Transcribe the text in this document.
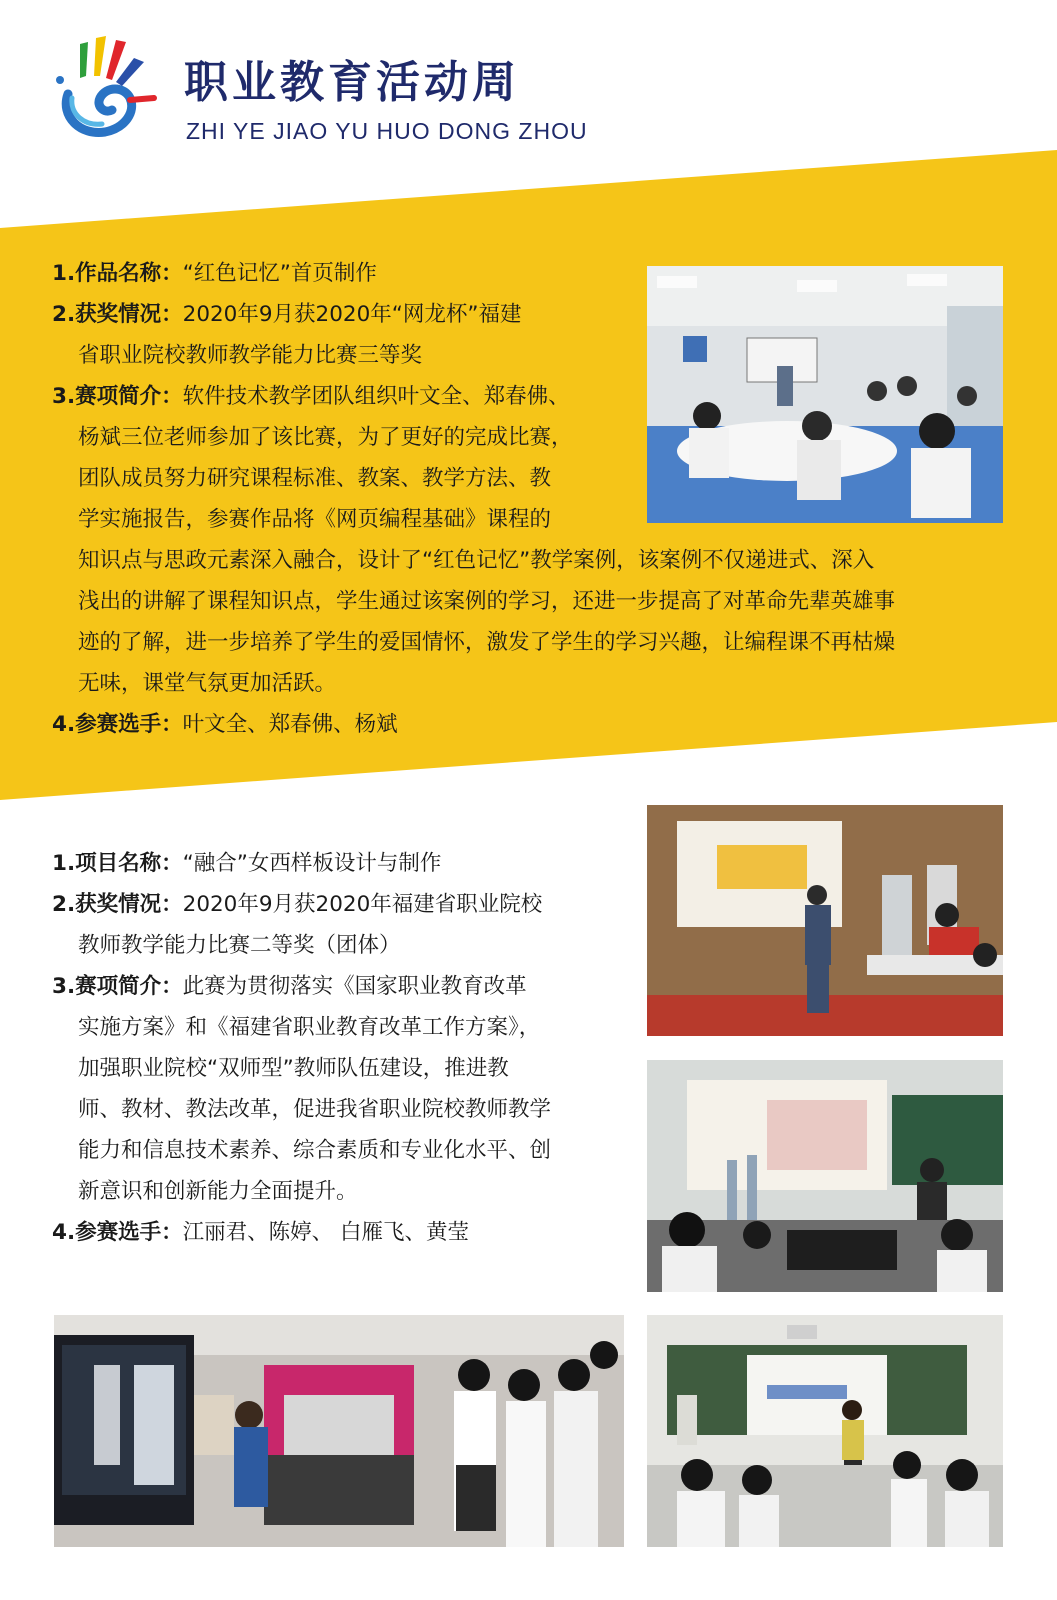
职业教育活动周
ZHI YE JIAO YU HUO DONG ZHOU
1.作品名称：“红色记忆”首页制作
2.获奖情况：2020年9月获2020年“网龙杯”福建
省职业院校教师教学能力比赛三等奖
3.赛项简介：软件技术教学团队组织叶文全、郑春佛、
杨斌三位老师参加了该比赛，为了更好的完成比赛，
团队成员努力研究课程标准、教案、教学方法、教
学实施报告，参赛作品将《网页编程基础》课程的
知识点与思政元素深入融合，设计了“红色记忆”教学案例，该案例不仅递进式、深入
浅出的讲解了课程知识点，学生通过该案例的学习，还进一步提高了对革命先辈英雄事
迹的了解，进一步培养了学生的爱国情怀，激发了学生的学习兴趣，让编程课不再枯燥
无味，课堂气氛更加活跃。
4.参赛选手：叶文全、郑春佛、杨斌
1.项目名称：“融合”女西样板设计与制作
2.获奖情况：2020年9月获2020年福建省职业院校
教师教学能力比赛二等奖（团体）
3.赛项简介：此赛为贯彻落实《国家职业教育改革
实施方案》和《福建省职业教育改革工作方案》，
加强职业院校“双师型”教师队伍建设，推进教
师、教材、教法改革，促进我省职业院校教师教学
能力和信息技术素养、综合素质和专业化水平、创
新意识和创新能力全面提升。
4.参赛选手：江丽君、陈婷、 白雁飞、黄莹
